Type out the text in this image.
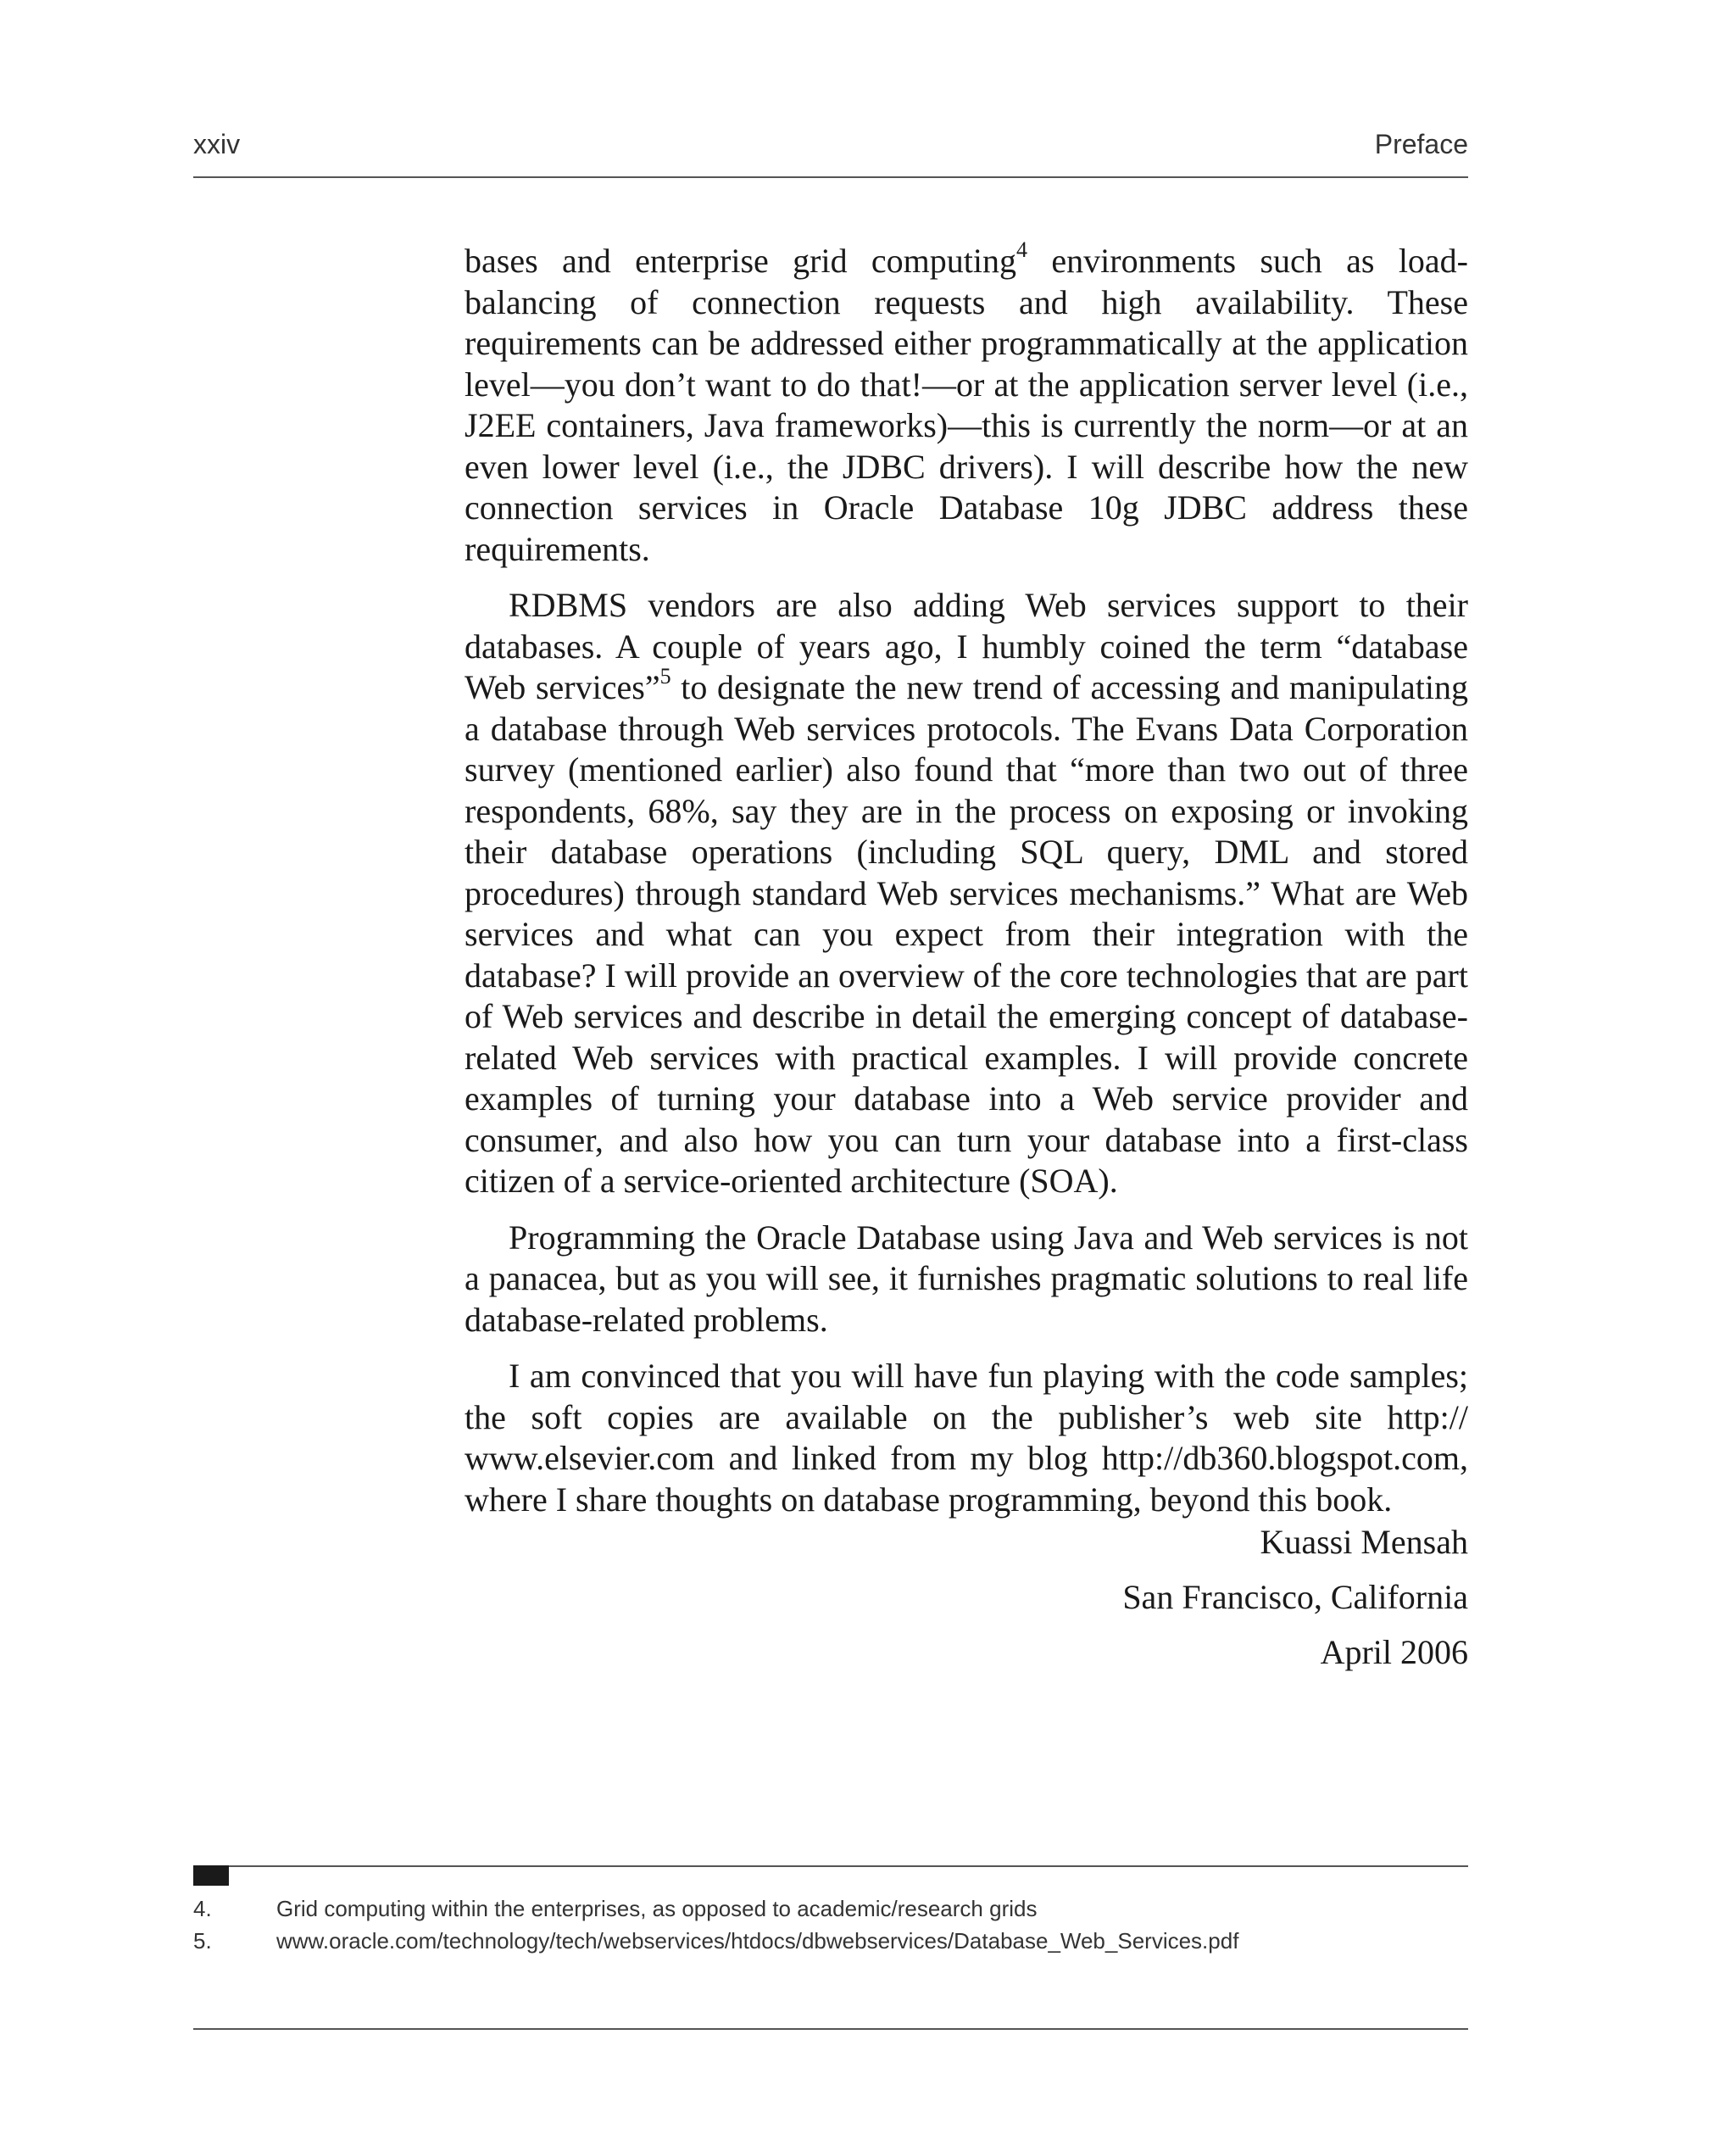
xxiv	Preface

bases and enterprise grid computing$^4$ environments such as load-balancing of connection requests and high availability. These requirements can be addressed either programmatically at the application level—you don’t want to do that!—or at the application server level (i.e., J2EE containers, Java frameworks)—this is currently the norm—or at an even lower level (i.e., the JDBC drivers). I will describe how the new connection services in Oracle Database 10g JDBC address these requirements.

RDBMS vendors are also adding Web services support to their databases. A couple of years ago, I humbly coined the term “database Web services”$^5$ to designate the new trend of accessing and manipulating a database through Web services protocols. The Evans Data Corporation survey (mentioned earlier) also found that “more than two out of three respondents, 68%, say they are in the process on exposing or invoking their database operations (including SQL query, DML and stored procedures) through standard Web services mechanisms.” What are Web services and what can you expect from their integration with the database? I will provide an overview of the core technologies that are part of Web services and describe in detail the emerging concept of database-related Web services with practical examples. I will provide concrete examples of turning your database into a Web service provider and consumer, and also how you can turn your database into a first-class citizen of a service-oriented architecture (SOA).

Programming the Oracle Database using Java and Web services is not a panacea, but as you will see, it furnishes pragmatic solutions to real life database-related problems.

I am convinced that you will have fun playing with the code samples; the soft copies are available on the publisher’s web site http:// www.elsevier.com and linked from my blog http://db360.blogspot.com, where I share thoughts on database programming, beyond this book.

Kuassi Mensah
San Francisco, California
April 2006
4.	Grid computing within the enterprises, as opposed to academic/research grids
5.	www.oracle.com/technology/tech/webservices/htdocs/dbwebservices/Database_Web_Services.pdf
